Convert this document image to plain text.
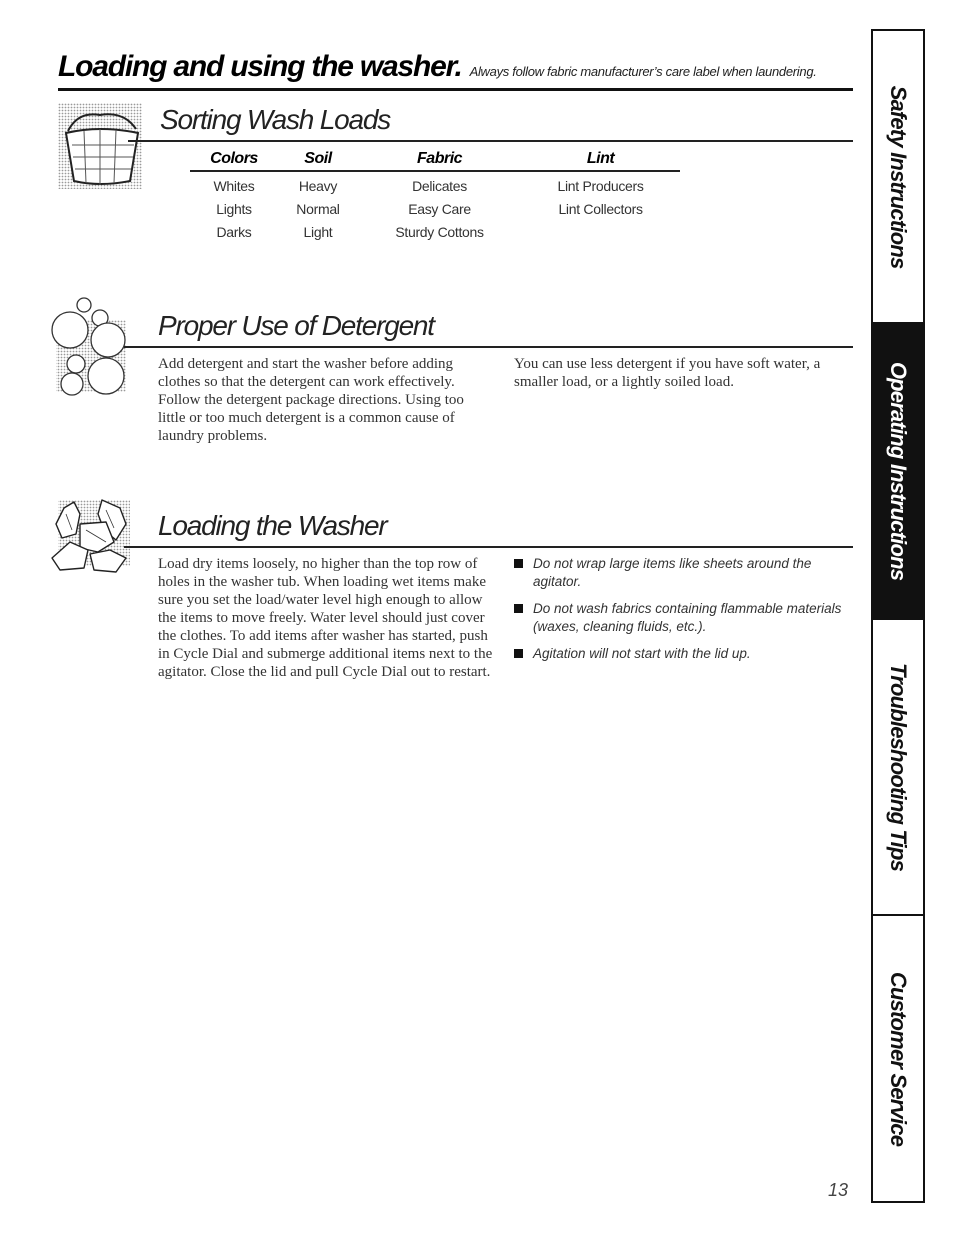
Loading and using the washer. Always follow fabric manufacturer’s care label when laundering.
Sorting Wash Loads
Colors	Soil	Fabric	Lint
Whites	Heavy	Delicates	Lint Producers
Lights	Normal	Easy Care	Lint Collectors
Darks	Light	Sturdy Cottons	
Proper Use of Detergent

Add detergent and start the washer before adding clothes so that the detergent can work effectively. Follow the detergent package directions. Using too little or too much detergent is a common cause of laundry problems.

You can use less detergent if you have soft water, a smaller load, or a lightly soiled load.

Loading the Washer

Load dry items loosely, no higher than the top row of holes in the washer tub. When loading wet items make sure you set the load/water level high enough to allow the items to move freely. Water level should just cover the clothes. To add items after washer has started, push in Cycle Dial and submerge additional items next to the agitator. Close the lid and pull Cycle Dial out to restart.

Do not wrap large items like sheets around the agitator.
Do not wash fabrics containing flammable materials (waxes, cleaning fluids, etc.).
Agitation will not start with the lid up.
Safety Instructions
Operating Instructions
Troubleshooting Tips
Customer Service
13
